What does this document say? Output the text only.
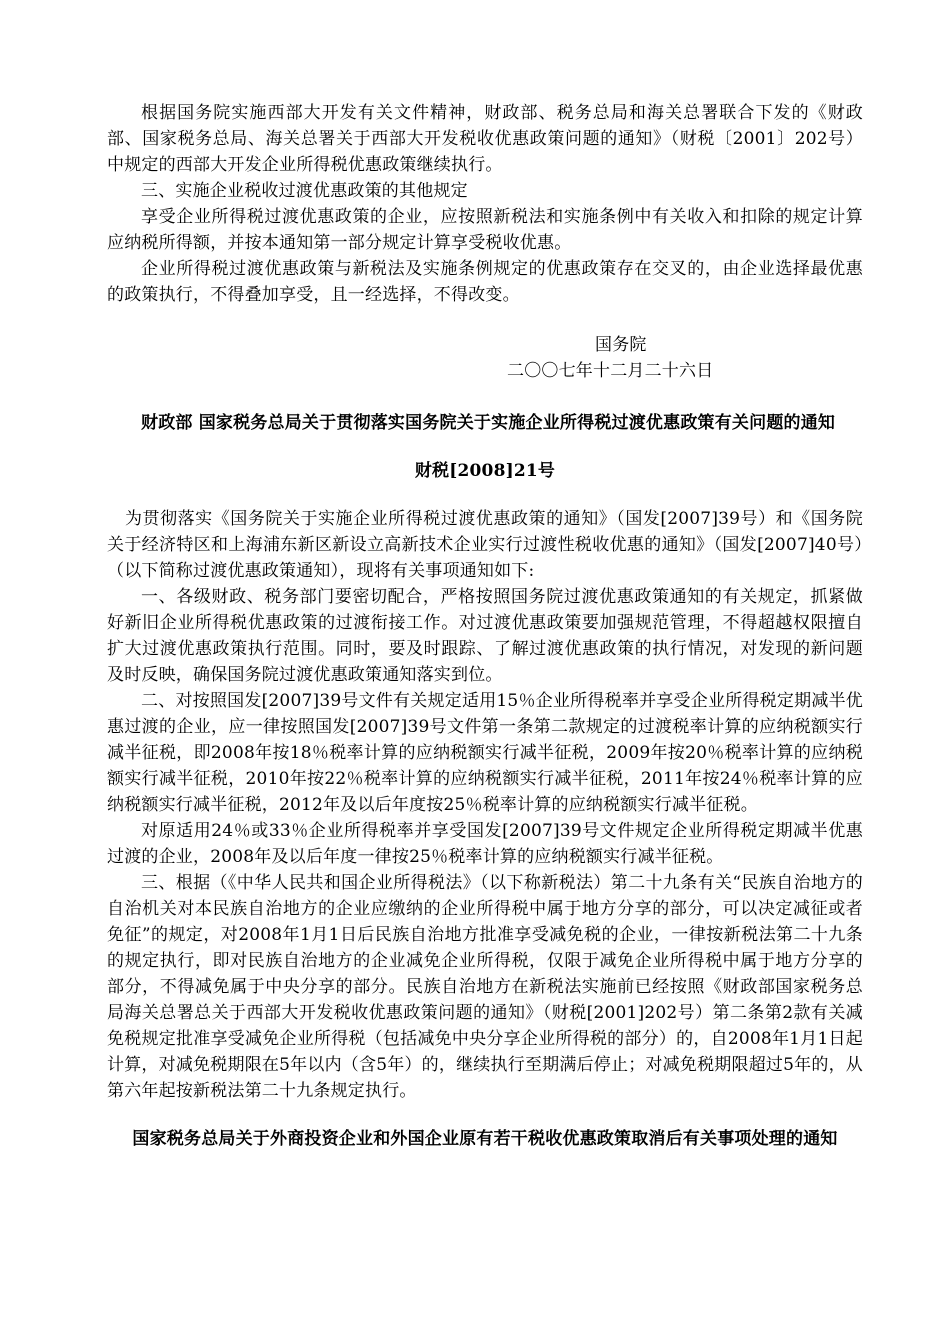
根据国务院实施西部大开发有关文件精神，财政部、税务总局和海关总署联合下发的《财政部、国家税务总局、海关总署关于西部大开发税收优惠政策问题的通知》（财税〔2001〕202号）中规定的西部大开发企业所得税优惠政策继续执行。

三、实施企业税收过渡优惠政策的其他规定

享受企业所得税过渡优惠政策的企业，应按照新税法和实施条例中有关收入和扣除的规定计算应纳税所得额，并按本通知第一部分规定计算享受税收优惠。

企业所得税过渡优惠政策与新税法及实施条例规定的优惠政策存在交叉的，由企业选择最优惠的政策执行，不得叠加享受，且一经选择，不得改变。

国务院

二〇〇七年十二月二十六日

财政部 国家税务总局关于贯彻落实国务院关于实施企业所得税过渡优惠政策有关问题的通知

财税[2008]21号

为贯彻落实《国务院关于实施企业所得税过渡优惠政策的通知》（国发[2007]39号）和《国务院关于经济特区和上海浦东新区新设立高新技术企业实行过渡性税收优惠的通知》（国发[2007]40号）（以下简称过渡优惠政策通知），现将有关事项通知如下:

一、各级财政、税务部门要密切配合，严格按照国务院过渡优惠政策通知的有关规定，抓紧做好新旧企业所得税优惠政策的过渡衔接工作。对过渡优惠政策要加强规范管理，不得超越权限擅自扩大过渡优惠政策执行范围。同时，要及时跟踪、了解过渡优惠政策的执行情况，对发现的新问题及时反映，确保国务院过渡优惠政策通知落实到位。

二、对按照国发[2007]39号文件有关规定适用15％企业所得税率并享受企业所得税定期减半优惠过渡的企业，应一律按照国发[2007]39号文件第一条第二款规定的过渡税率计算的应纳税额实行减半征税，即2008年按18％税率计算的应纳税额实行减半征税，2009年按20％税率计算的应纳税额实行减半征税，2010年按22％税率计算的应纳税额实行减半征税，2011年按24％税率计算的应纳税额实行减半征税，2012年及以后年度按25％税率计算的应纳税额实行减半征税。

对原适用24％或33％企业所得税率并享受国发[2007]39号文件规定企业所得税定期减半优惠过渡的企业，2008年及以后年度一律按25％税率计算的应纳税额实行减半征税。

三、根据（《中华人民共和国企业所得税法》（以下称新税法）第二十九条有关“民族自治地方的自治机关对本民族自治地方的企业应缴纳的企业所得税中属于地方分享的部分，可以决定减征或者免征”的规定，对2008年1月1日后民族自治地方批准享受减免税的企业，一律按新税法第二十九条的规定执行，即对民族自治地方的企业减免企业所得税，仅限于减免企业所得税中属于地方分享的部分，不得减免属于中央分享的部分。民族自治地方在新税法实施前已经按照《财政部国家税务总局海关总署总关于西部大开发税收优惠政策问题的通知》（财税[2001]202号）第二条第2款有关减免税规定批准享受减免企业所得税（包括减免中央分享企业所得税的部分）的，自2008年1月1日起计算，对减免税期限在5年以内（含5年）的，继续执行至期满后停止；对减免税期限超过5年的，从第六年起按新税法第二十九条规定执行。

国家税务总局关于外商投资企业和外国企业原有若干税收优惠政策取消后有关事项处理的通知
